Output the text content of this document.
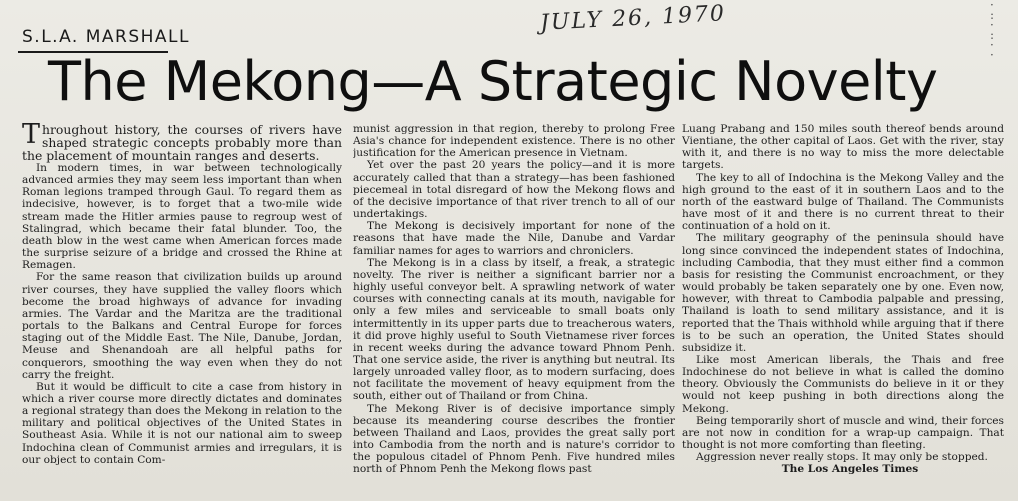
S.L.A. MARSHALL
JULY 26, 1970	·
:
·
:
·
·
The Mekong—A Strategic Novelty

Throughout history, the courses of rivers have shaped strategic concepts probably more than the placement of mountain ranges and deserts.

In modern times, in war between technologically advanced armies they may seem less important than when Roman legions tramped through Gaul. To regard them as indecisive, however, is to forget that a two-mile wide stream made the Hitler armies pause to regroup west of Stalingrad, which became their fatal blunder. Too, the death blow in the west came when American forces made the surprise seizure of a bridge and crossed the Rhine at Remagen.

For the same reason that civilization builds up around river courses, they have supplied the valley floors which become the broad highways of advance for invading armies. The Vardar and the Maritza are the traditional portals to the Balkans and Central Europe for forces staging out of the Middle East. The Nile, Danube, Jordan, Meuse and Shenandoah are all helpful paths for conquerors, smoothing the way even when they do not carry the freight.

But it would be difficult to cite a case from history in which a river course more directly dictates and dominates a regional strategy than does the Mekong in relation to the military and political objectives of the United States in Southeast Asia. While it is not our national aim to sweep Indochina clean of Communist armies and irregulars, it is our object to contain Com-

munist aggression in that region, thereby to prolong Free Asia's chance for independent existence. There is no other justification for the American presence in Vietnam.

Yet over the past 20 years the policy—and it is more accurately called that than a strategy—has been fashioned piecemeal in total disregard of how the Mekong flows and of the decisive importance of that river trench to all of our undertakings.

The Mekong is decisively important for none of the reasons that have made the Nile, Danube and Vardar familiar names for ages to warriors and chroniclers.

The Mekong is in a class by itself, a freak, a strategic novelty. The river is neither a significant barrier nor a highly useful conveyor belt. A sprawling network of water courses with connecting canals at its mouth, navigable for only a few miles and serviceable to small boats only intermittently in its upper parts due to treacherous waters, it did prove highly useful to South Vietnamese river forces in recent weeks during the advance toward Phnom Penh. That one service aside, the river is anything but neutral. Its largely unroaded valley floor, as to modern surfacing, does not facilitate the movement of heavy equipment from the south, either out of Thailand or from China.

The Mekong River is of decisive importance simply because its meandering course describes the frontier between Thailand and Laos, provides the great sally port into Cambodia from the north and is nature's corridor to the populous citadel of Phnom Penh. Five hundred miles north of Phnom Penh the Mekong flows past

Luang Prabang and 150 miles south thereof bends around Vientiane, the other capital of Laos. Get with the river, stay with it, and there is no way to miss the more delectable targets.

The key to all of Indochina is the Mekong Valley and the high ground to the east of it in southern Laos and to the north of the eastward bulge of Thailand. The Communists have most of it and there is no current threat to their continuation of a hold on it.

The military geography of the peninsula should have long since convinced the independent states of Indochina, including Cambodia, that they must either find a common basis for resisting the Communist encroachment, or they would probably be taken separately one by one. Even now, however, with threat to Cambodia palpable and pressing, Thailand is loath to send military assistance, and it is reported that the Thais withhold while arguing that if there is to be such an operation, the United States should subsidize it.

Like most American liberals, the Thais and free Indochinese do not believe in what is called the domino theory. Obviously the Communists do believe in it or they would not keep pushing in both directions along the Mekong.

Being temporarily short of muscle and wind, their forces are not now in condition for a wrap-up campaign. That thought is not more comforting than fleeting.

Aggression never really stops. It may only be stopped.

The Los Angeles Times
